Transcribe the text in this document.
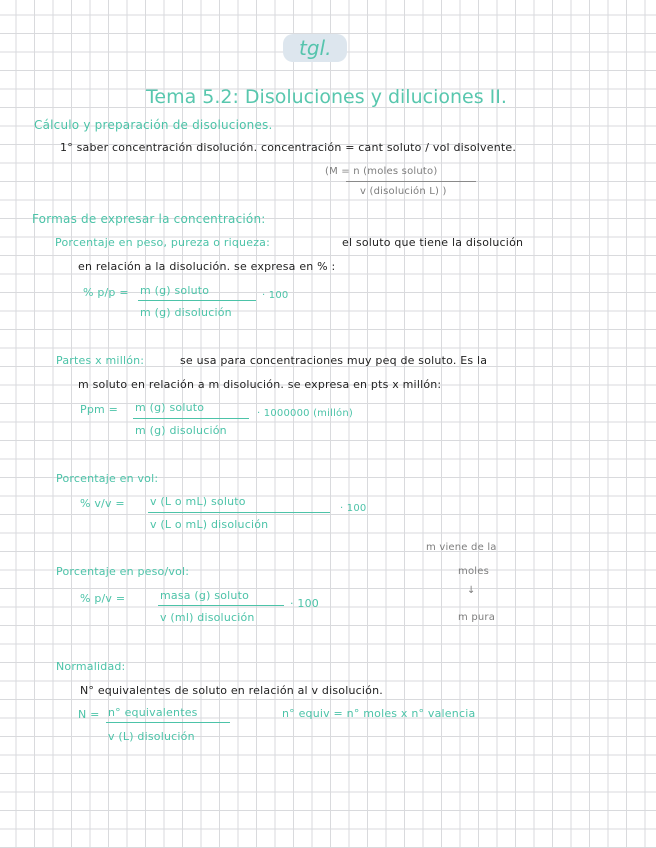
tgl.
Tema 5.2: Disoluciones y diluciones II.
Cálculo y preparación de disoluciones.
1° saber concentración disolución. concentración = cant soluto / vol disolvente.
(M = n (moles soluto)
v (disolución L) )
Formas de expresar la concentración:
Porcentaje en peso, pureza o riqueza:	el soluto que tiene la disolución
en relación a la disolución. se expresa en % :
% p/p = m (g) soluto
m (g) disolución
· 100
Partes x millón:	se usa para concentraciones muy peq de soluto. Es la
m soluto en relación a m disolución. se expresa en pts x millón:
Ppm = m (g) soluto
m (g) disolución
· 1000000 (millón)
Porcentaje en vol:
% v/v = v (L o mL) soluto
v (L o mL) disolución
· 100
m viene de la
moles
↓
m pura
Porcentaje en peso/vol:
% p/v =	masa (g) soluto
v (ml) disolución
· 100
Normalidad:
N° equivalentes de soluto en relación al v disolución.
N = n° equivalentes
v (L) disolución
n° equiv = n° moles x n° valencia
